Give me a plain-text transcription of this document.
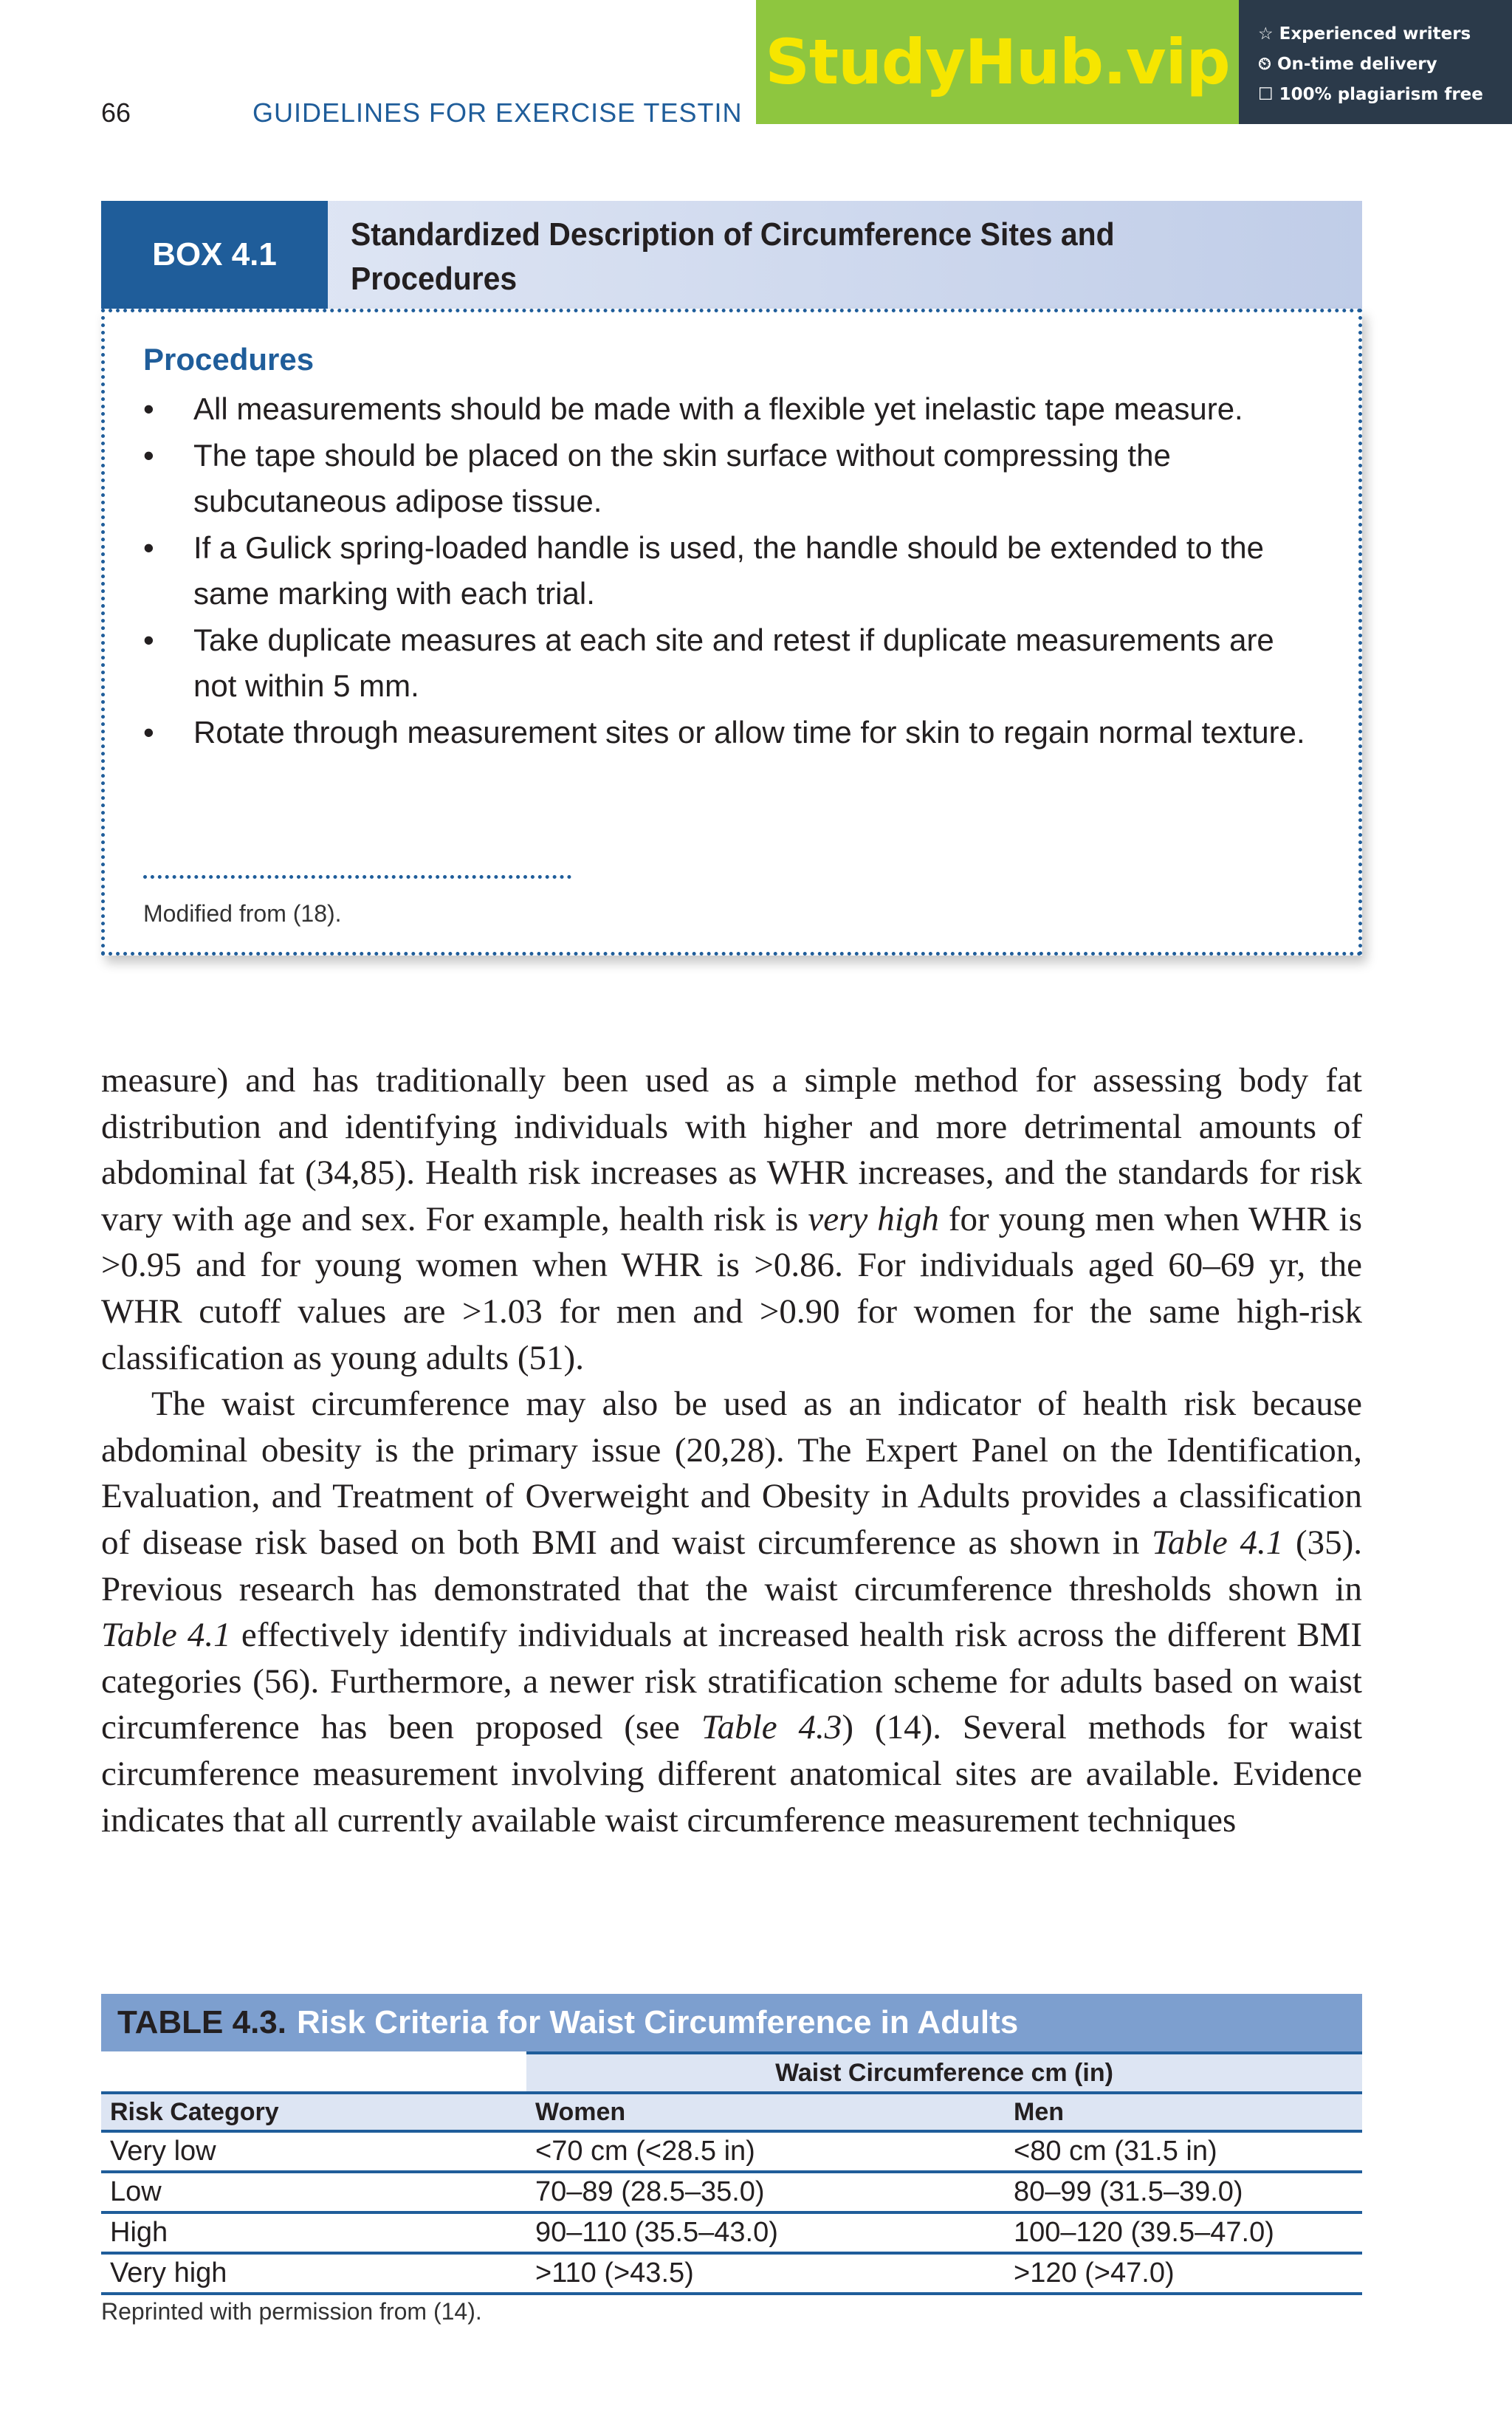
66	GUIDELINES FOR EXERCISE TESTIN
StudyHub.vip ☆ Experienced writers
⏲ On-time delivery
☐ 100% plagiarism free
BOX 4.1
Standardized Description of Circumference Sites and Procedures

Procedures
• All measurements should be made with a flexible yet inelastic tape measure.
• The tape should be placed on the skin surface without compressing the subcutaneous adipose tissue.
• If a Gulick spring-loaded handle is used, the handle should be extended to the same marking with each trial.
• Take duplicate measures at each site and retest if duplicate measurements are not within 5 mm.
• Rotate through measurement sites or allow time for skin to regain normal texture.
Modified from (18).

measure) and has traditionally been used as a simple method for assessing body fat distribution and identifying individuals with higher and more detrimental amounts of abdominal fat (34,85). Health risk increases as WHR increases, and the standards for risk vary with age and sex. For example, health risk is very high for young men when WHR is >0.95 and for young women when WHR is >0.86. For individuals aged 60–69 yr, the WHR cutoff values are >1.03 for men and >0.90 for women for the same high-risk classification as young adults (51).

The waist circumference may also be used as an indicator of health risk because abdominal obesity is the primary issue (20,28). The Expert Panel on the Identification, Evaluation, and Treatment of Overweight and Obesity in Adults provides a classification of disease risk based on both BMI and waist circumference as shown in Table 4.1 (35). Previous research has demonstrated that the waist circumference thresholds shown in Table 4.1 effectively identify individuals at increased health risk across the different BMI categories (56). Furthermore, a newer risk stratification scheme for adults based on waist circumference has been proposed (see Table 4.3) (14). Several methods for waist circumference measurement involving different anatomical sites are available. Evidence indicates that all currently available waist circumference measurement techniques

TABLE 4.3. Risk Criteria for Waist Circumference in Adults
	Waist Circumference cm (in)	
Risk Category	Women	Men
Very low	<70 cm (<28.5 in)	<80 cm (31.5 in)
Low	70–89 (28.5–35.0)	80–99 (31.5–39.0)
High	90–110 (35.5–43.0)	100–120 (39.5–47.0)
Very high	>110 (>43.5)	>120 (>47.0)
Reprinted with permission from (14).
